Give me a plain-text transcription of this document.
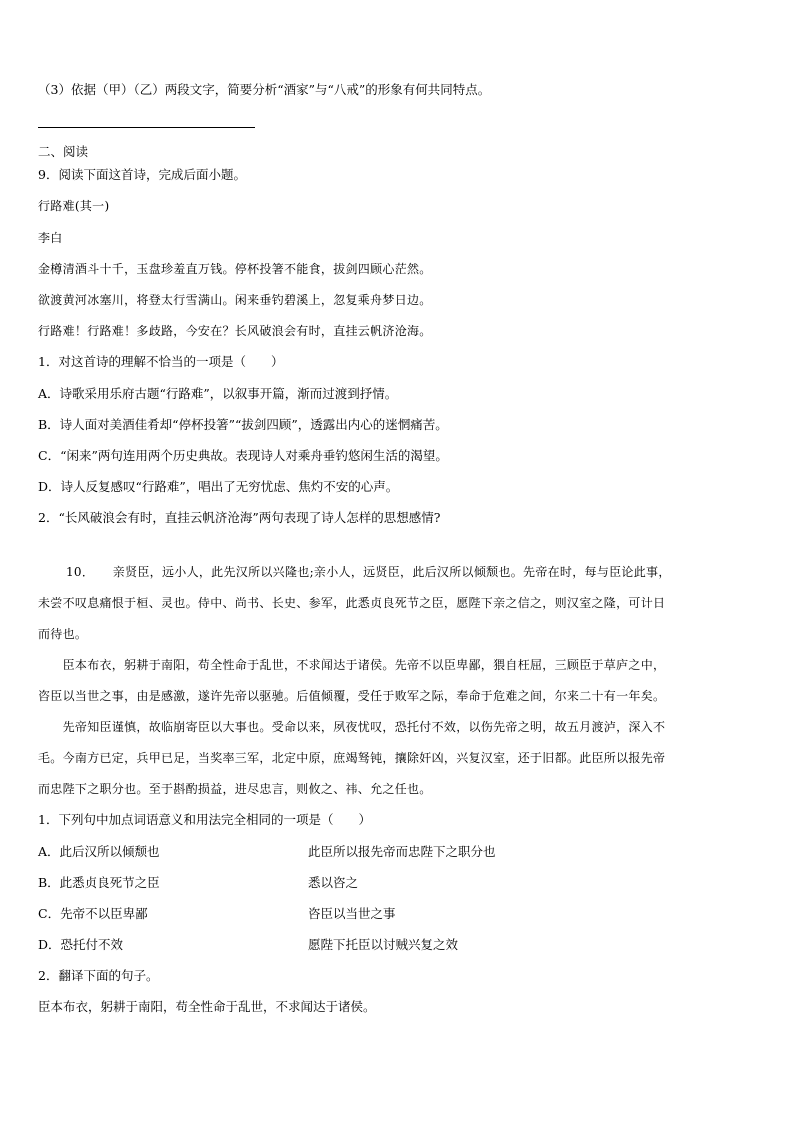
（3）依据（甲）（乙）两段文字，简要分析“酒家”与“八戒”的形象有何共同特点。

二、阅读

9．阅读下面这首诗，完成后面小题。

行路难(其一)

李白

金樽清酒斗十千，玉盘珍羞直万钱。停杯投箸不能食，拔剑四顾心茫然。

欲渡黄河冰塞川，将登太行雪满山。闲来垂钓碧溪上，忽复乘舟梦日边。

行路难！行路难！多歧路，今安在？长风破浪会有时，直挂云帆济沧海。

1．对这首诗的理解不恰当的一项是（　　）

A．诗歌采用乐府古题“行路难”，以叙事开篇，渐而过渡到抒情。

B．诗人面对美酒佳肴却“停杯投箸”“拔剑四顾”，透露出内心的迷惘痛苦。

C．“闲来”两句连用两个历史典故。表现诗人对乘舟垂钓悠闲生活的渴望。

D．诗人反复感叹“行路难”，唱出了无穷忧虑、焦灼不安的心声。

2．“长风破浪会有时，直挂云帆济沧海”两句表现了诗人怎样的思想感情?

10．　　亲贤臣，远小人，此先汉所以兴隆也;亲小人，远贤臣，此后汉所以倾颓也。先帝在时，每与臣论此事，

未尝不叹息痛恨于桓、灵也。侍中、尚书、长史、参军，此悉贞良死节之臣，愿陛下亲之信之，则汉室之隆，可计日

而待也。

　　臣本布衣，躬耕于南阳，苟全性命于乱世，不求闻达于诸侯。先帝不以臣卑鄙，猥自枉屈，三顾臣于草庐之中，

咨臣以当世之事，由是感激，遂许先帝以驱驰。后值倾覆，受任于败军之际，奉命于危难之间，尔来二十有一年矣。

　　先帝知臣谨慎，故临崩寄臣以大事也。受命以来，夙夜忧叹，恐托付不效，以伤先帝之明，故五月渡泸，深入不

毛。今南方已定，兵甲已足，当奖率三军，北定中原，庶竭驽钝，攘除奸凶，兴复汉室，还于旧都。此臣所以报先帝

而忠陛下之职分也。至于斟酌损益，进尽忠言，则攸之、祎、允之任也。

1．下列句中加点词语意义和用法完全相同的一项是（　　）

A．此后汉所以倾颓也	此臣所以报先帝而忠陛下之职分也

B．此悉贞良死节之臣	悉以咨之

C．先帝不以臣卑鄙	咨臣以当世之事

D．恐托付不效	愿陛下托臣以讨贼兴复之效

2．翻译下面的句子。

臣本布衣，躬耕于南阳，苟全性命于乱世，不求闻达于诸侯。
